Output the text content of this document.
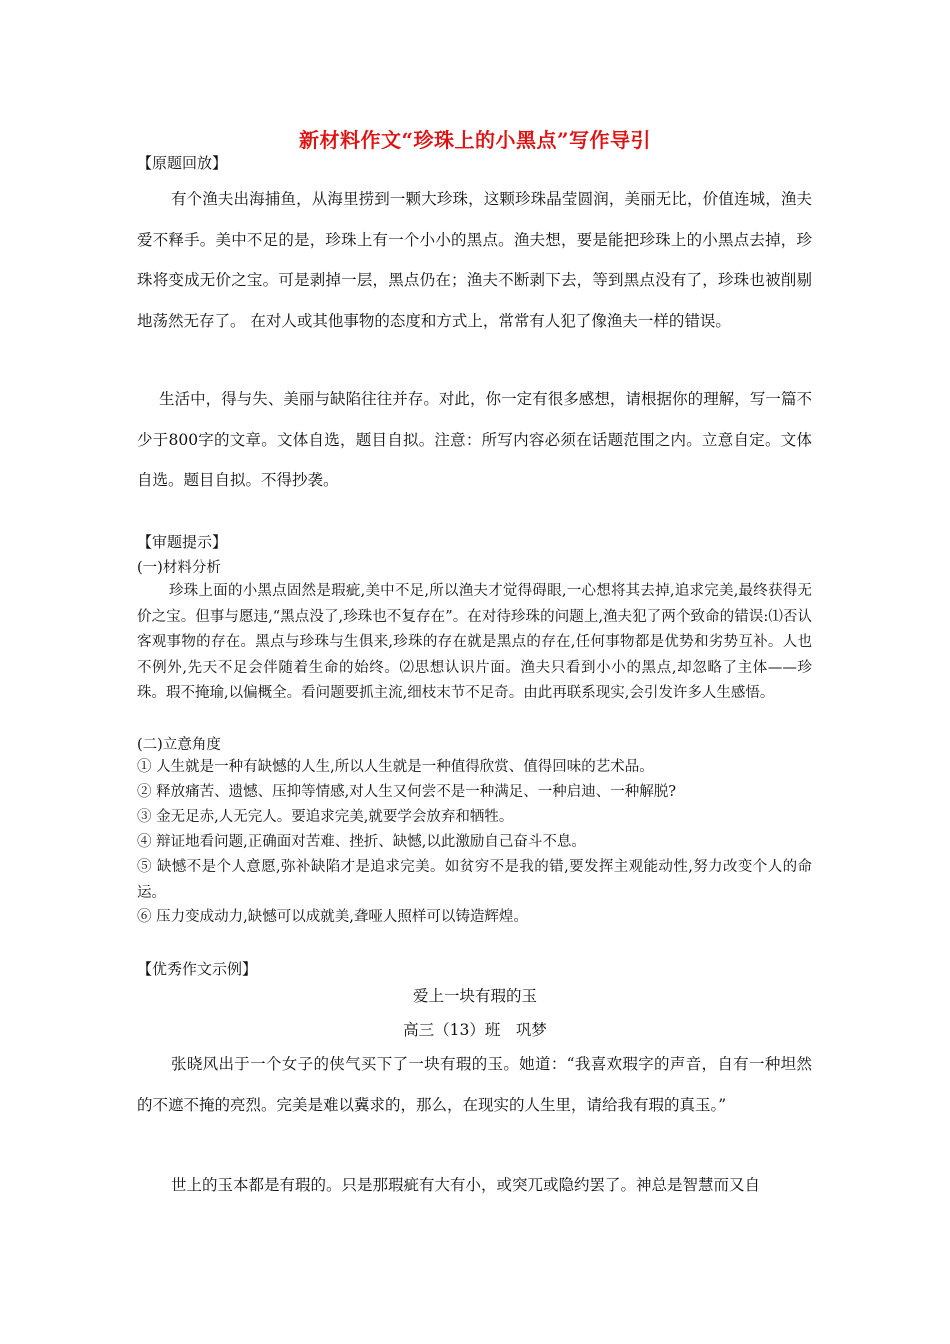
新材料作文“珍珠上的小黑点”写作导引
【原题回放】
有个渔夫出海捕鱼，从海里捞到一颗大珍珠，这颗珍珠晶莹圆润，美丽无比，价值连城，渔夫爱不释手。美中不足的是，珍珠上有一个小小的黑点。渔夫想，要是能把珍珠上的小黑点去掉，珍珠将变成无价之宝。可是剥掉一层，黑点仍在；渔夫不断剥下去，等到黑点没有了，珍珠也被削剔地荡然无存了。 在对人或其他事物的态度和方式上，常常有人犯了像渔夫一样的错误。
生活中，得与失、美丽与缺陷往往并存。对此，你一定有很多感想，请根据你的理解，写一篇不少于800字的文章。文体自选，题目自拟。注意：所写内容必须在话题范围之内。立意自定。文体自选。题目自拟。不得抄袭。
【审题提示】
(一)材料分析
珍珠上面的小黑点固然是瑕疵,美中不足,所以渔夫才觉得碍眼,一心想将其去掉,追求完美,最终获得无价之宝。但事与愿违,“黑点没了,珍珠也不复存在”。在对待珍珠的问题上,渔夫犯了两个致命的错误:⑴否认客观事物的存在。黑点与珍珠与生俱来,珍珠的存在就是黑点的存在,任何事物都是优势和劣势互补。人也不例外,先天不足会伴随着生命的始终。⑵思想认识片面。渔夫只看到小小的黑点,却忽略了主体——珍珠。瑕不掩瑜,以偏概全。看问题要抓主流,细枝末节不足奇。由此再联系现实,会引发许多人生感悟。
(二)立意角度
① 人生就是一种有缺憾的人生,所以人生就是一种值得欣赏、值得回味的艺术品。
② 释放痛苦、遗憾、压抑等情感,对人生又何尝不是一种满足、一种启迪、一种解脱?
③ 金无足赤,人无完人。要追求完美,就要学会放弃和牺牲。
④ 辩证地看问题,正确面对苦难、挫折、缺憾,以此激励自己奋斗不息。
⑤ 缺憾不是个人意愿,弥补缺陷才是追求完美。如贫穷不是我的错,要发挥主观能动性,努力改变个人的命运。
⑥ 压力变成动力,缺憾可以成就美,聋哑人照样可以铸造辉煌。
【优秀作文示例】
爱上一块有瑕的玉
高三（13）班　巩梦
张晓风出于一个女子的侠气买下了一块有瑕的玉。她道：“我喜欢瑕字的声音，自有一种坦然的不遮不掩的亮烈。完美是难以冀求的，那么，在现实的人生里，请给我有瑕的真玉。”
世上的玉本都是有瑕的。只是那瑕疵有大有小，或突兀或隐约罢了。神总是智慧而又自
